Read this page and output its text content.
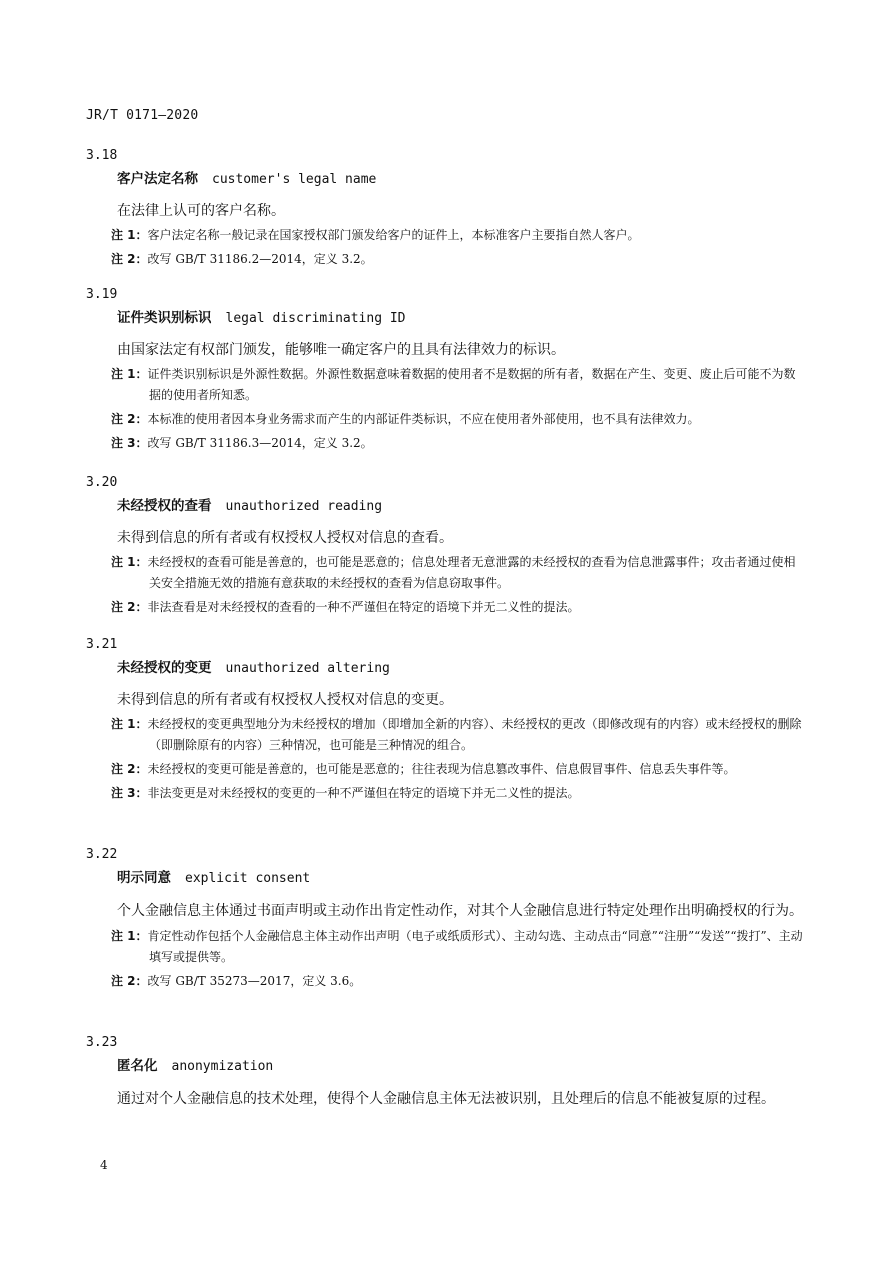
JR/T 0171—2020
3.18
客户法定名称 customer's legal name
在法律上认可的客户名称。
注 1：客户法定名称一般记录在国家授权部门颁发给客户的证件上，本标准客户主要指自然人客户。
注 2：改写 GB/T 31186.2—2014，定义 3.2。
3.19
证件类识别标识 legal discriminating ID
由国家法定有权部门颁发，能够唯一确定客户的且具有法律效力的标识。
注 1：证件类识别标识是外源性数据。外源性数据意味着数据的使用者不是数据的所有者，数据在产生、变更、废止后可能不为数据的使用者所知悉。
注 2：本标准的使用者因本身业务需求而产生的内部证件类标识，不应在使用者外部使用，也不具有法律效力。
注 3：改写 GB/T 31186.3—2014，定义 3.2。
3.20
未经授权的查看 unauthorized reading
未得到信息的所有者或有权授权人授权对信息的查看。
注 1：未经授权的查看可能是善意的，也可能是恶意的；信息处理者无意泄露的未经授权的查看为信息泄露事件；攻击者通过使相关安全措施无效的措施有意获取的未经授权的查看为信息窃取事件。
注 2：非法查看是对未经授权的查看的一种不严谨但在特定的语境下并无二义性的提法。
3.21
未经授权的变更 unauthorized altering
未得到信息的所有者或有权授权人授权对信息的变更。
注 1：未经授权的变更典型地分为未经授权的增加（即增加全新的内容）、未经授权的更改（即修改现有的内容）或未经授权的删除（即删除原有的内容）三种情况，也可能是三种情况的组合。
注 2：未经授权的变更可能是善意的，也可能是恶意的；往往表现为信息篡改事件、信息假冒事件、信息丢失事件等。
注 3：非法变更是对未经授权的变更的一种不严谨但在特定的语境下并无二义性的提法。
3.22
明示同意 explicit consent
个人金融信息主体通过书面声明或主动作出肯定性动作，对其个人金融信息进行特定处理作出明确授权的行为。
注 1：肯定性动作包括个人金融信息主体主动作出声明（电子或纸质形式）、主动勾选、主动点击“同意”“注册”“发送”“拨打”、主动填写或提供等。
注 2：改写 GB/T 35273—2017，定义 3.6。
3.23
匿名化 anonymization
通过对个人金融信息的技术处理，使得个人金融信息主体无法被识别，且处理后的信息不能被复原的过程。
4
